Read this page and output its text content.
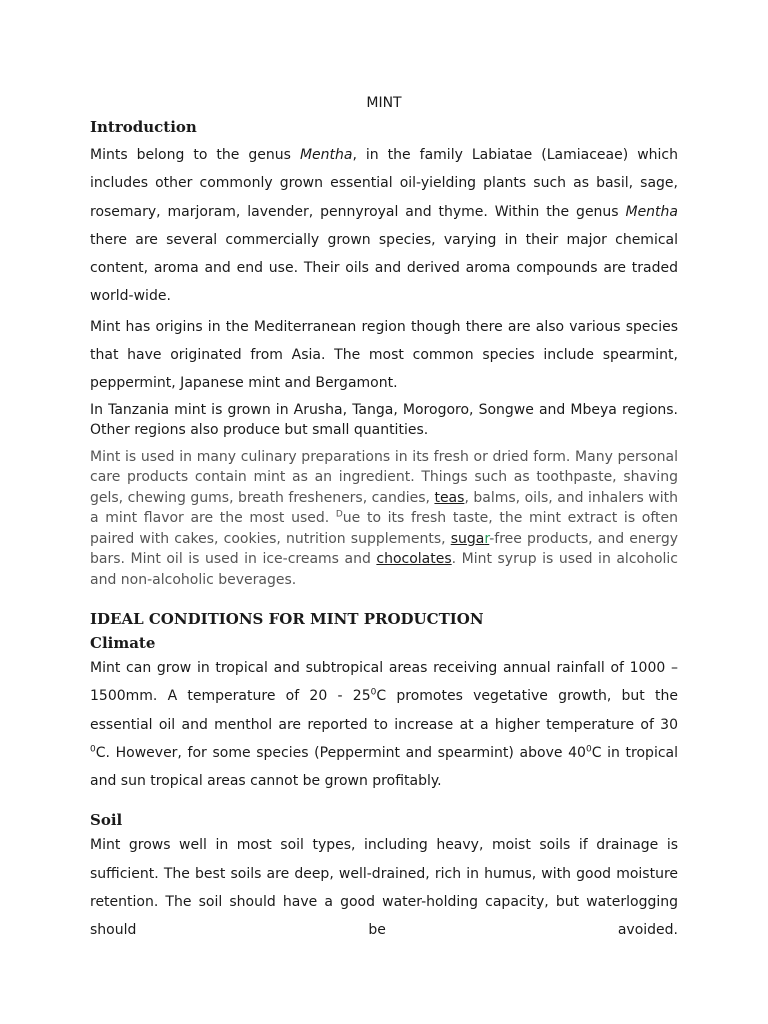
MINT
Introduction

Mints belong to the genus Mentha, in the family Labiatae (Lamiaceae) which includes other commonly grown essential oil-yielding plants such as basil, sage, rosemary, marjoram, lavender, pennyroyal and thyme. Within the genus Mentha there are several commercially grown species, varying in their major chemical content, aroma and end use. Their oils and derived aroma compounds are traded world-wide.

Mint has origins in the Mediterranean region though there are also various species that have originated from Asia. The most common species include spearmint, peppermint, Japanese mint and Bergamont.

In Tanzania mint is grown in Arusha, Tanga, Morogoro, Songwe and Mbeya regions. Other regions also produce but small quantities.

Mint is used in many culinary preparations in its fresh or dried form. Many personal care products contain mint as an ingredient. Things such as toothpaste, shaving gels, chewing gums, breath fresheners, candies, teas, balms, oils, and inhalers with a mint flavor are the most used. $^D$ue to its fresh taste, the mint extract is often paired with cakes, cookies, nutrition supplements, sugar-free products, and energy bars. Mint oil is used in ice-creams and chocolates. Mint syrup is used in alcoholic and non-alcoholic beverages.

IDEAL CONDITIONS FOR MINT PRODUCTION
Climate

Mint can grow in tropical and subtropical areas receiving annual rainfall of 1000 – 1500mm. A temperature of $20 - 25^0C$ promotes vegetative growth, but the essential oil and menthol are reported to increase at a higher temperature of 30 $^0$C. However, for some species (Peppermint and spearmint) above $40^0C$ in tropical and sun tropical areas cannot be grown profitably.

Soil

Mint grows well in most soil types, including heavy, moist soils if drainage is sufficient. The best soils are deep, well-drained, rich in humus, with good moisture retention. The soil should have a good water-holding capacity, but waterlogging should be avoided.
